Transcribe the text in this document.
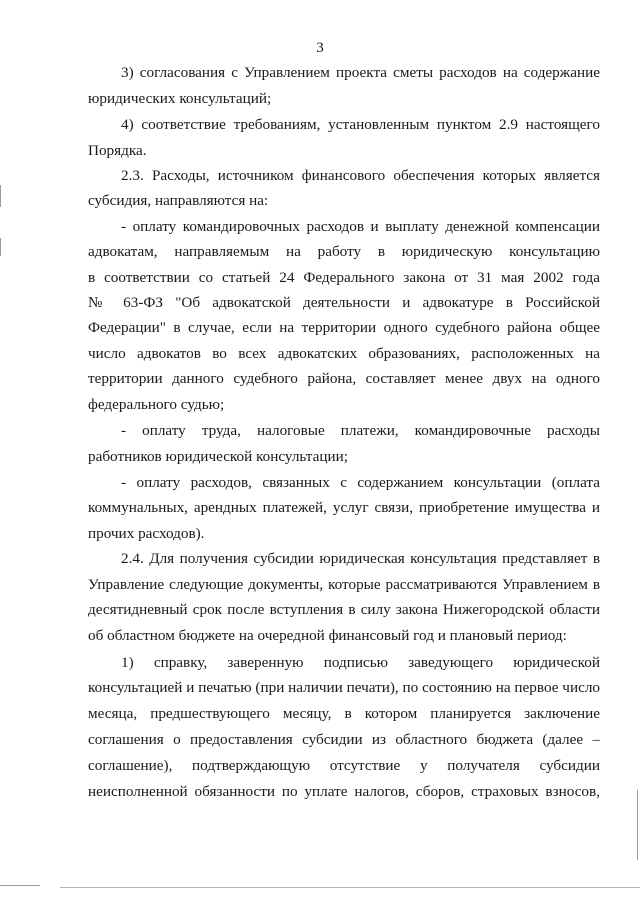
3
3) согласования с Управлением проекта сметы расходов на содержание
юридических консультаций;
4) соответствие требованиям, установленным пунктом 2.9 настоящего
Порядка.
2.3. Расходы, источником финансового обеспечения которых является
субсидия, направляются на:
- оплату командировочных расходов и выплату денежной компенсации
адвокатам, направляемым на работу в юридическую консультацию
в соответствии со статьей 24 Федерального закона от 31 мая 2002 года
№ 63-ФЗ "Об адвокатской деятельности и адвокатуре в Российской
Федерации" в случае, если на территории одного судебного района общее
число адвокатов во всех адвокатских образованиях, расположенных на
территории данного судебного района, составляет менее двух на одного
федерального судью;
- оплату труда, налоговые платежи, командировочные расходы
работников юридической консультации;
- оплату расходов, связанных с содержанием консультации (оплата
коммунальных, арендных платежей, услуг связи, приобретение имущества и
прочих расходов).
2.4. Для получения субсидии юридическая консультация представляет в
Управление следующие документы, которые рассматриваются Управлением в
десятидневный срок после вступления в силу закона Нижегородской области
об областном бюджете на очередной финансовый год и плановый период:
1) справку, заверенную подписью заведующего юридической
консультацией и печатью (при наличии печати), по состоянию на первое число
месяца, предшествующего месяцу, в котором планируется заключение
соглашения о предоставления субсидии из областного бюджета (далее –
соглашение), подтверждающую отсутствие у получателя субсидии
неисполненной обязанности по уплате налогов, сборов, страховых взносов,
